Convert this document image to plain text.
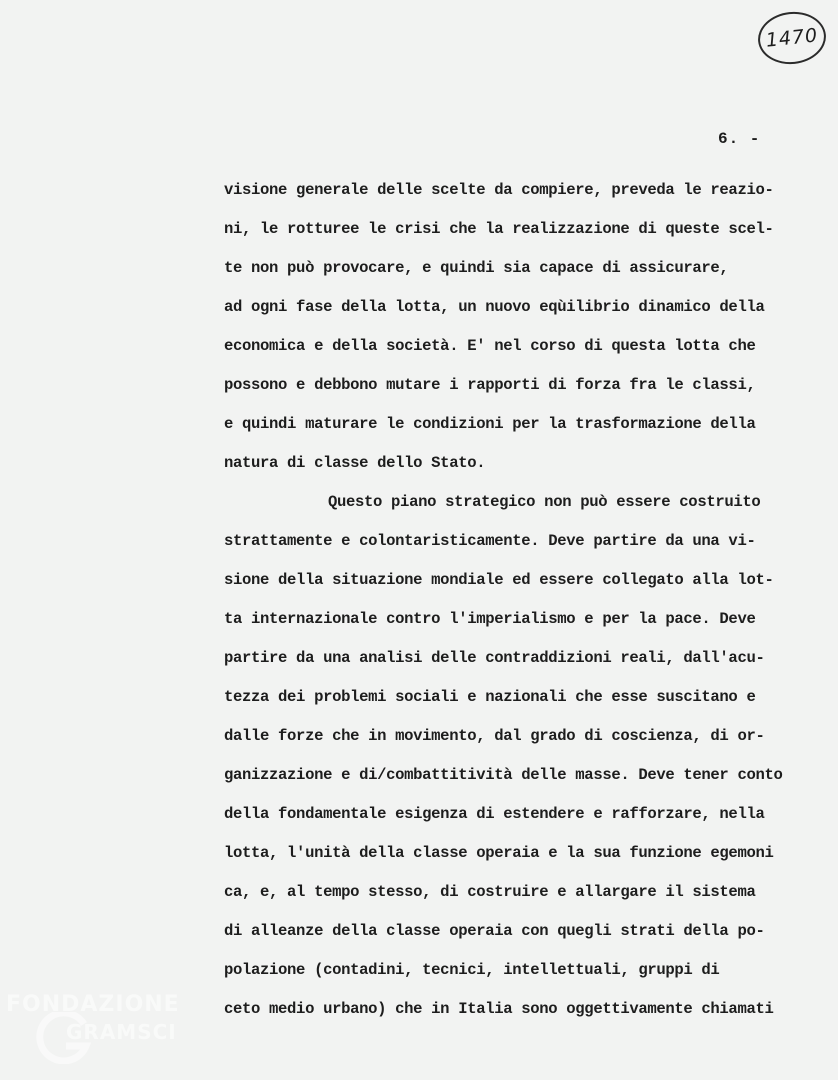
1470
6. -
visione generale delle scelte da compiere, preveda le reazio-
ni, le rotturee le crisi che la realizzazione di queste scel-
te non può provocare, e quindi sia capace di assicurare,
ad ogni fase della lotta, un nuovo eqùilibrio dinamico della
economica e della società. E' nel corso di questa lotta che
possono e debbono mutare i rapporti di forza fra le classi,
e quindi maturare le condizioni per la trasformazione della
natura di classe dello Stato.
Questo piano strategico non può essere costruito
strattamente e colontaristicamente. Deve partire da una vi-
sione della situazione mondiale ed essere collegato alla lot-
ta internazionale contro l'imperialismo e per la pace. Deve
partire da una analisi delle contraddizioni reali, dall'acu-
tezza dei problemi sociali e nazionali che esse suscitano e
dalle forze che in movimento, dal grado di coscienza, di or-
ganizzazione e di/combattitività delle masse. Deve tener conto
della fondamentale esigenza di estendere e rafforzare, nella
lotta, l'unità della classe operaia e la sua funzione egemoni
ca, e, al tempo stesso, di costruire e allargare il sistema
di alleanze della classe operaia con quegli strati della po-
polazione (contadini, tecnici, intellettuali, gruppi di
ceto medio urbano) che in Italia sono oggettivamente chiamati
FONDAZIONE
GRAMSCI
